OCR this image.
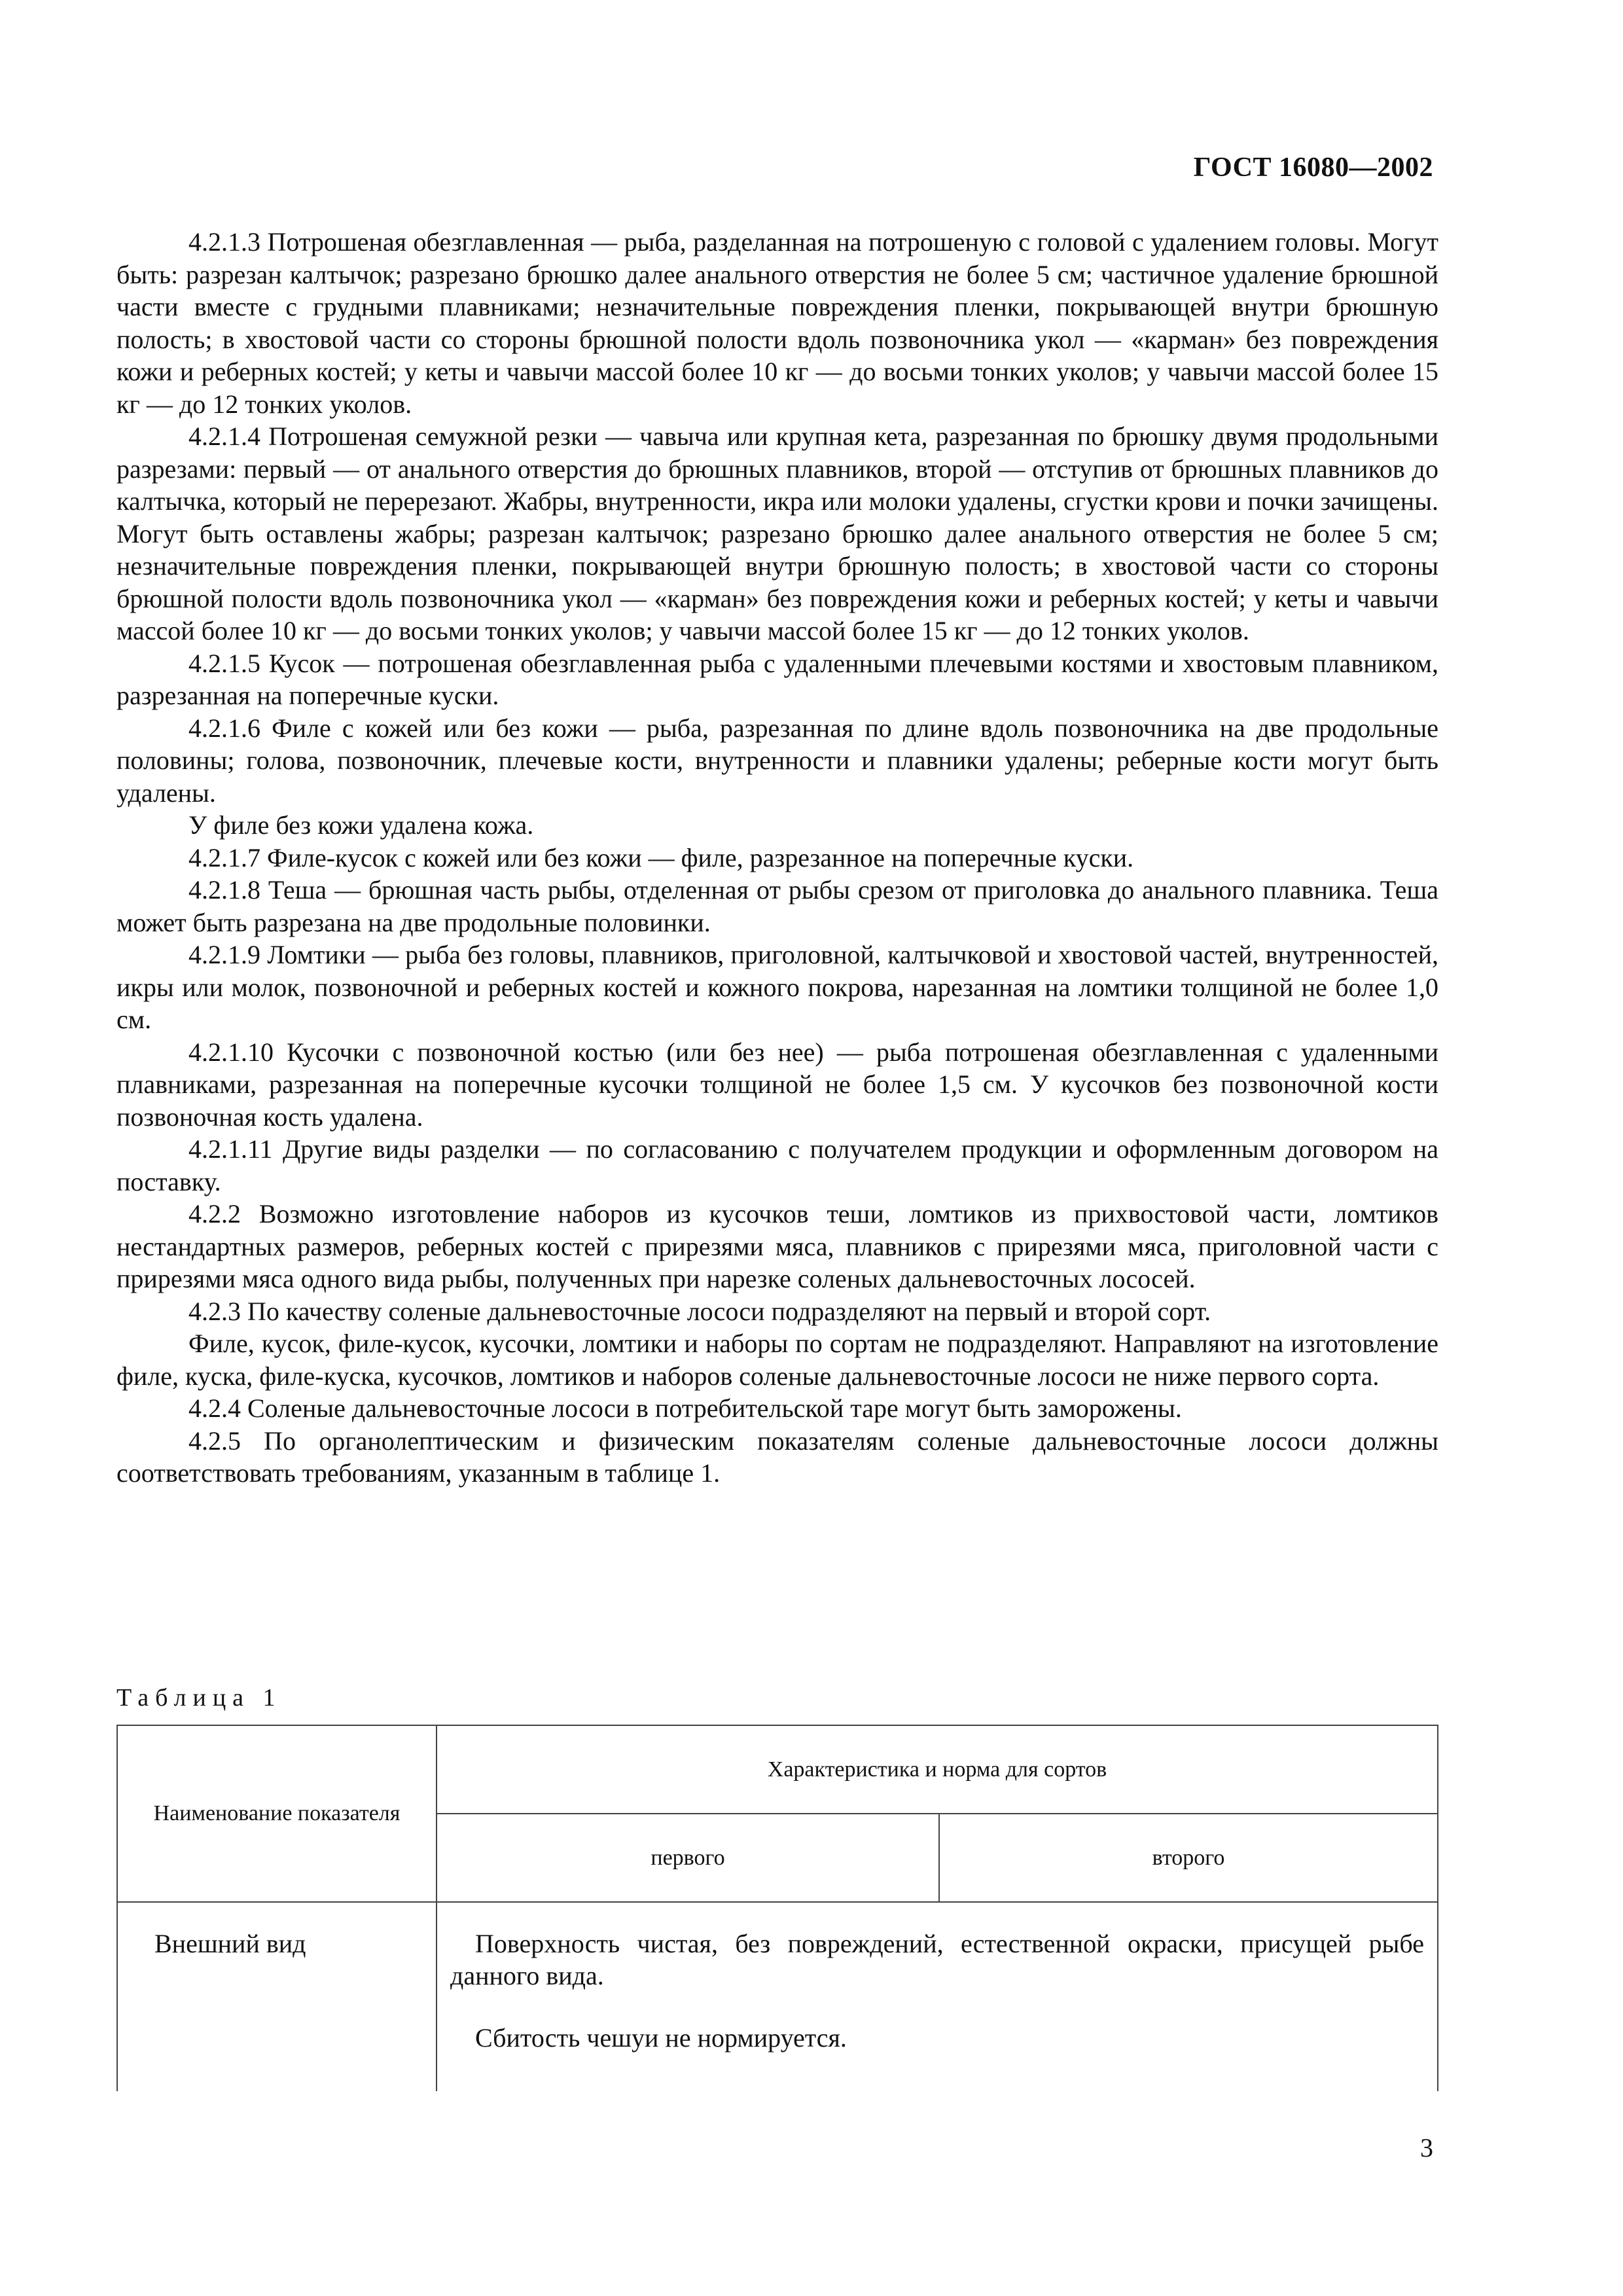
ГОСТ 16080—2002

4.2.1.3 Потрошеная обезглавленная — рыба, разделанная на потрошеную с головой с удалением головы. Могут быть: разрезан калтычок; разрезано брюшко далее анального отверстия не более 5 см; частичное удаление брюшной части вместе с грудными плавниками; незначительные повреждения пленки, покрывающей внутри брюшную полость; в хвостовой части со стороны брюшной полости вдоль позвоночника укол — «карман» без повреждения кожи и реберных костей; у кеты и чавычи массой более 10 кг — до восьми тонких уколов; у чавычи массой более 15 кг — до 12 тонких уколов.

4.2.1.4 Потрошеная семужной резки — чавыча или крупная кета, разрезанная по брюшку двумя продольными разрезами: первый — от анального отверстия до брюшных плавников, второй — отступив от брюшных плавников до калтычка, который не перерезают. Жабры, внутренности, икра или молоки удалены, сгустки крови и почки зачищены. Могут быть оставлены жабры; разрезан калтычок; разрезано брюшко далее анального отверстия не более 5 см; незначительные повреждения пленки, покрывающей внутри брюшную полость; в хвостовой части со стороны брюшной полости вдоль позвоночника укол — «карман» без повреждения кожи и реберных костей; у кеты и чавычи массой более 10 кг — до восьми тонких уколов; у чавычи массой более 15 кг — до 12 тонких уколов.

4.2.1.5 Кусок — потрошеная обезглавленная рыба с удаленными плечевыми костями и хвостовым плавником, разрезанная на поперечные куски.

4.2.1.6 Филе с кожей или без кожи — рыба, разрезанная по длине вдоль позвоночника на две продольные половины; голова, позвоночник, плечевые кости, внутренности и плавники удалены; реберные кости могут быть удалены.

У филе без кожи удалена кожа.

4.2.1.7 Филе-кусок с кожей или без кожи — филе, разрезанное на поперечные куски.

4.2.1.8 Теша — брюшная часть рыбы, отделенная от рыбы срезом от приголовка до анального плавника. Теша может быть разрезана на две продольные половинки.

4.2.1.9 Ломтики — рыба без головы, плавников, приголовной, калтычковой и хвостовой частей, внутренностей, икры или молок, позвоночной и реберных костей и кожного покрова, нарезанная на ломтики толщиной не более 1,0 см.

4.2.1.10 Кусочки с позвоночной костью (или без нее) — рыба потрошеная обезглавленная с удаленными плавниками, разрезанная на поперечные кусочки толщиной не более 1,5 см. У кусочков без позвоночной кости позвоночная кость удалена.

4.2.1.11 Другие виды разделки — по согласованию с получателем продукции и оформленным договором на поставку.

4.2.2 Возможно изготовление наборов из кусочков теши, ломтиков из прихвостовой части, ломтиков нестандартных размеров, реберных костей с прирезями мяса, плавников с прирезями мяса, приголовной части с прирезями мяса одного вида рыбы, полученных при нарезке соленых дальневосточных лососей.

4.2.3 По качеству соленые дальневосточные лососи подразделяют на первый и второй сорт.

Филе, кусок, филе-кусок, кусочки, ломтики и наборы по сортам не подразделяют. Направляют на изготовление филе, куска, филе-куска, кусочков, ломтиков и наборов соленые дальневосточные лососи не ниже первого сорта.

4.2.4 Соленые дальневосточные лососи в потребительской таре могут быть заморожены.

4.2.5 По органолептическим и физическим показателям соленые дальневосточные лососи должны соответствовать требованиям, указанным в таблице 1.

Таблица 1
Наименование показателя	Характеристика и норма для сортов	
	первого	второго
Внешний вид	Поверхность чистая, без повреждений, естественной окраски, присущей рыбе данного вида.

Сбитость чешуи не нормируется.	

3
